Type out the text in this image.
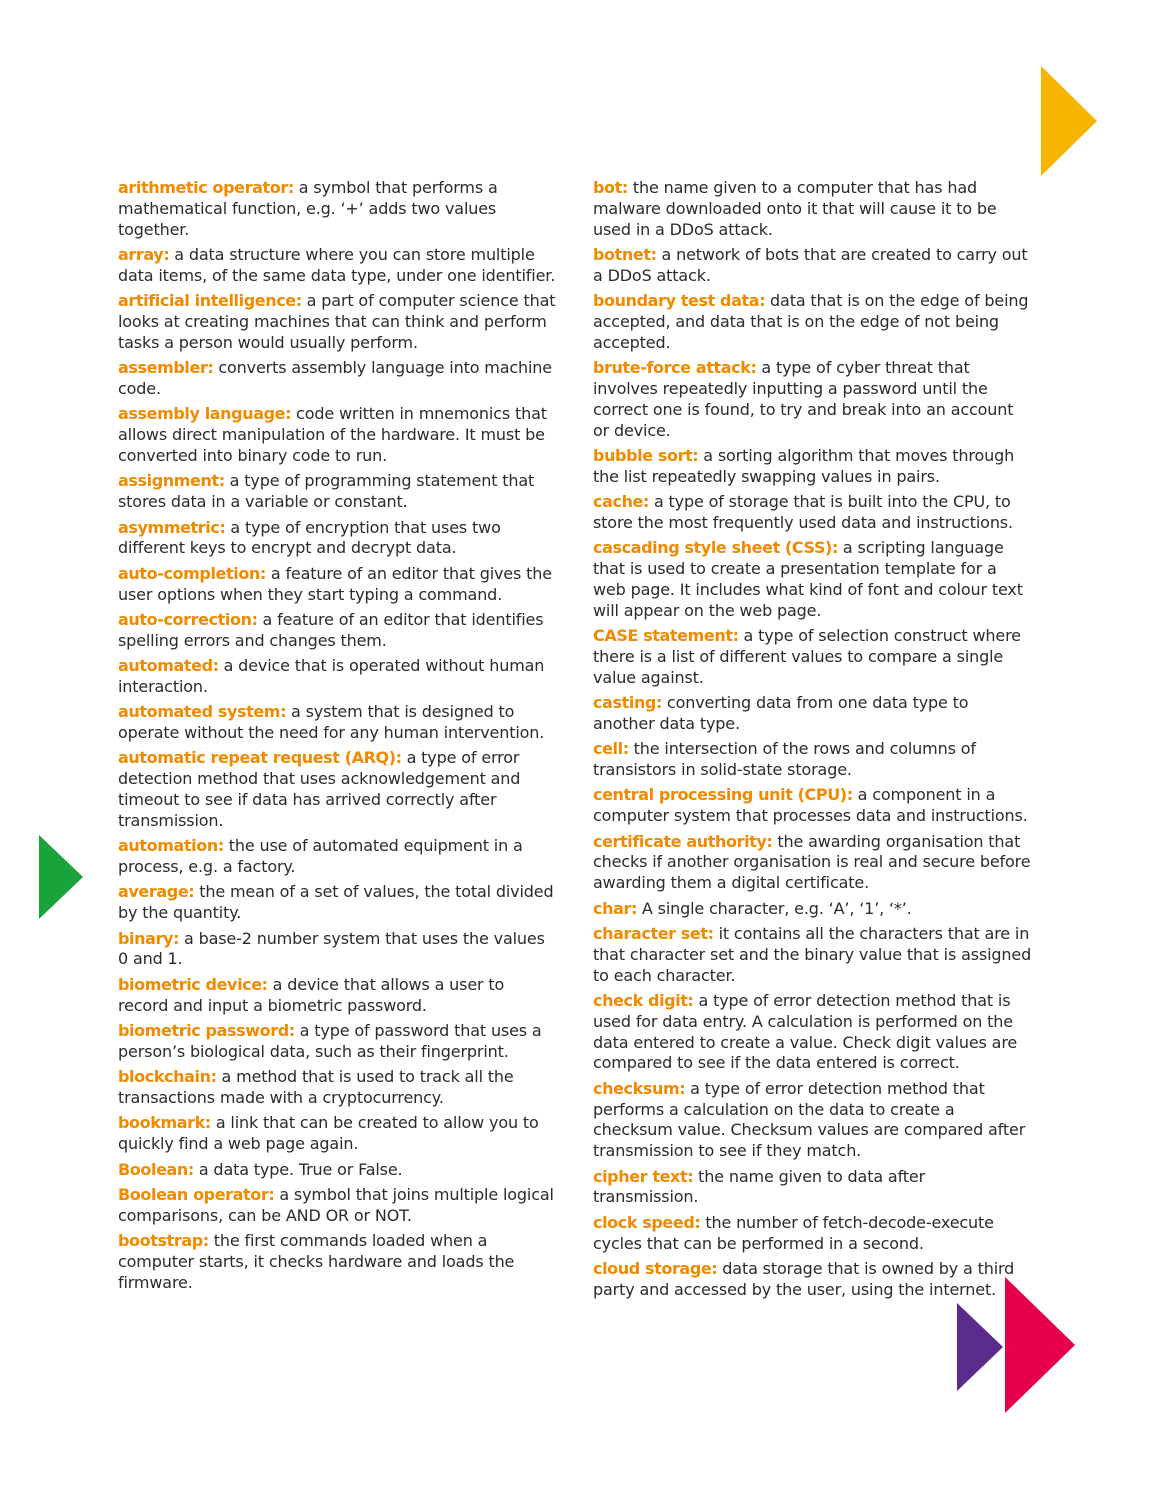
arithmetic operator: a symbol that performs a mathematical function, e.g. ‘+’ adds two values together.

array: a data structure where you can store multiple data items, of the same data type, under one identifier.

artificial intelligence: a part of computer science that looks at creating machines that can think and perform tasks a person would usually perform.

assembler: converts assembly language into machine code.

assembly language: code written in mnemonics that allows direct manipulation of the hardware. It must be converted into binary code to run.

assignment: a type of programming statement that stores data in a variable or constant.

asymmetric: a type of encryption that uses two different keys to encrypt and decrypt data.

auto-completion: a feature of an editor that gives the user options when they start typing a command.

auto-correction: a feature of an editor that identifies spelling errors and changes them.

automated: a device that is operated without human interaction.

automated system: a system that is designed to operate without the need for any human intervention.

automatic repeat request (ARQ): a type of error detection method that uses acknowledgement and timeout to see if data has arrived correctly after transmission.

automation: the use of automated equipment in a process, e.g. a factory.

average: the mean of a set of values, the total divided by the quantity.

binary: a base-2 number system that uses the values 0 and 1.

biometric device: a device that allows a user to record and input a biometric password.

biometric password: a type of password that uses a person’s biological data, such as their fingerprint.

blockchain: a method that is used to track all the transactions made with a cryptocurrency.

bookmark: a link that can be created to allow you to quickly find a web page again.

Boolean: a data type. True or False.

Boolean operator: a symbol that joins multiple logical comparisons, can be AND OR or NOT.

bootstrap: the first commands loaded when a computer starts, it checks hardware and loads the firmware.

bot: the name given to a computer that has had malware downloaded onto it that will cause it to be used in a DDoS attack.

botnet: a network of bots that are created to carry out a DDoS attack.

boundary test data: data that is on the edge of being accepted, and data that is on the edge of not being accepted.

brute-force attack: a type of cyber threat that involves repeatedly inputting a password until the correct one is found, to try and break into an account or device.

bubble sort: a sorting algorithm that moves through the list repeatedly swapping values in pairs.

cache: a type of storage that is built into the CPU, to store the most frequently used data and instructions.

cascading style sheet (CSS): a scripting language that is used to create a presentation template for a web page. It includes what kind of font and colour text will appear on the web page.

CASE statement: a type of selection construct where there is a list of different values to compare a single value against.

casting: converting data from one data type to another data type.

cell: the intersection of the rows and columns of transistors in solid-state storage.

central processing unit (CPU): a component in a computer system that processes data and instructions.

certificate authority: the awarding organisation that checks if another organisation is real and secure before awarding them a digital certificate.

char: A single character, e.g. ‘A’, ‘1’, ‘*’.

character set: it contains all the characters that are in that character set and the binary value that is assigned to each character.

check digit: a type of error detection method that is used for data entry. A calculation is performed on the data entered to create a value. Check digit values are compared to see if the data entered is correct.

checksum: a type of error detection method that performs a calculation on the data to create a checksum value. Checksum values are compared after transmission to see if they match.

cipher text: the name given to data after transmission.

clock speed: the number of fetch-decode-execute cycles that can be performed in a second.

cloud storage: data storage that is owned by a third party and accessed by the user, using the internet.
